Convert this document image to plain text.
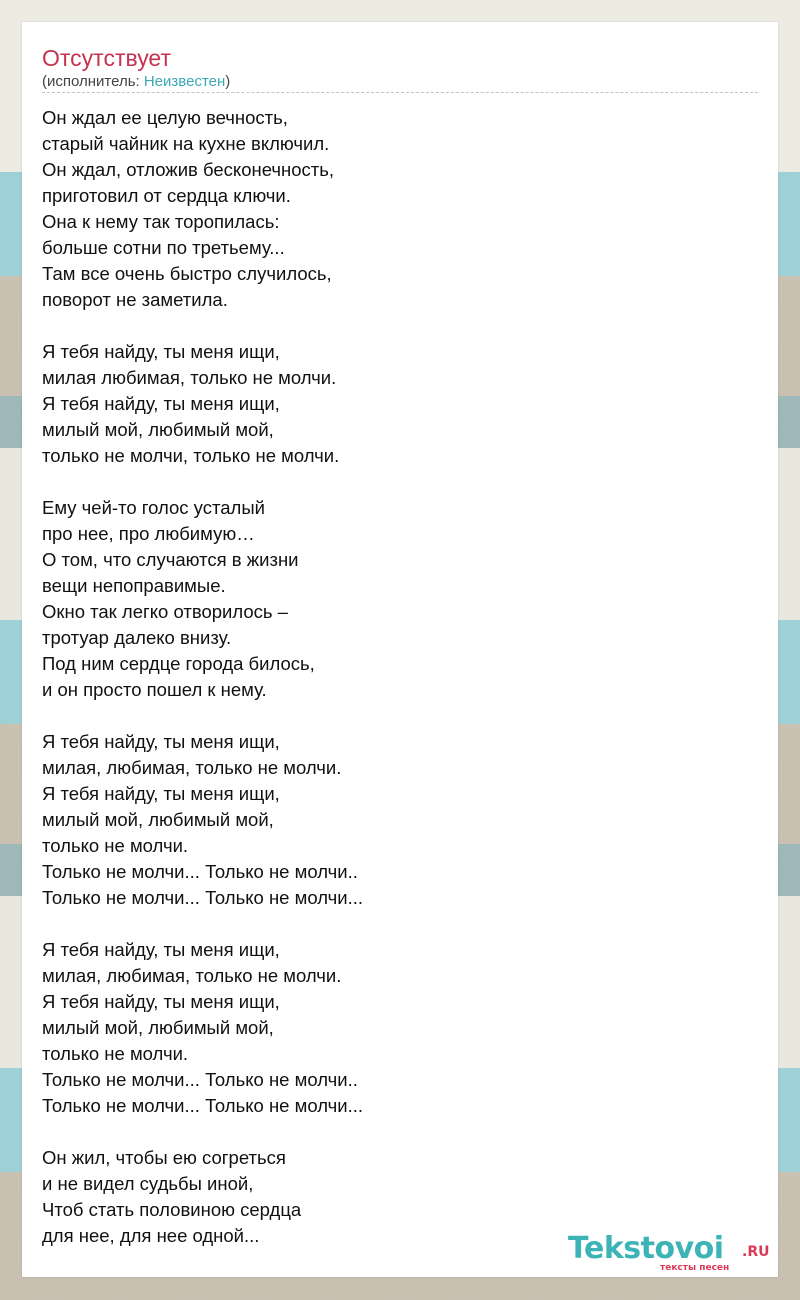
Отсутствует
(исполнитель: Неизвестен)
Он ждал ее целую вечность,
старый чайник на кухне включил.
Он ждал, отложив бесконечность,
приготовил от сердца ключи.
Она к нему так торопилась:
больше сотни по третьему...
Там все очень быстро случилось,
поворот не заметила.
Я тебя найду, ты меня ищи,
милая любимая, только не молчи.
Я тебя найду, ты меня ищи,
милый мой, любимый мой,
только не молчи, только не молчи.
Ему чей-то голос усталый
про нее, про любимую…
О том, что случаются в жизни
вещи непоправимые.
Окно так легко отворилось –
тротуар далеко внизу.
Под ним сердце города билось,
и он просто пошел к нему.
Я тебя найду, ты меня ищи,
милая, любимая, только не молчи.
Я тебя найду, ты меня ищи,
милый мой, любимый мой,
только не молчи.
Только не молчи... Только не молчи..
Только не молчи... Только не молчи...
Я тебя найду, ты меня ищи,
милая, любимая, только не молчи.
Я тебя найду, ты меня ищи,
милый мой, любимый мой,
только не молчи.
Только не молчи... Только не молчи..
Только не молчи... Только не молчи...
Он жил, чтобы ею согреться
и не видел судьбы иной,
Чтоб стать половиною сердца
для нее, для нее одной...	Tekstovoi .RU
тексты песен
